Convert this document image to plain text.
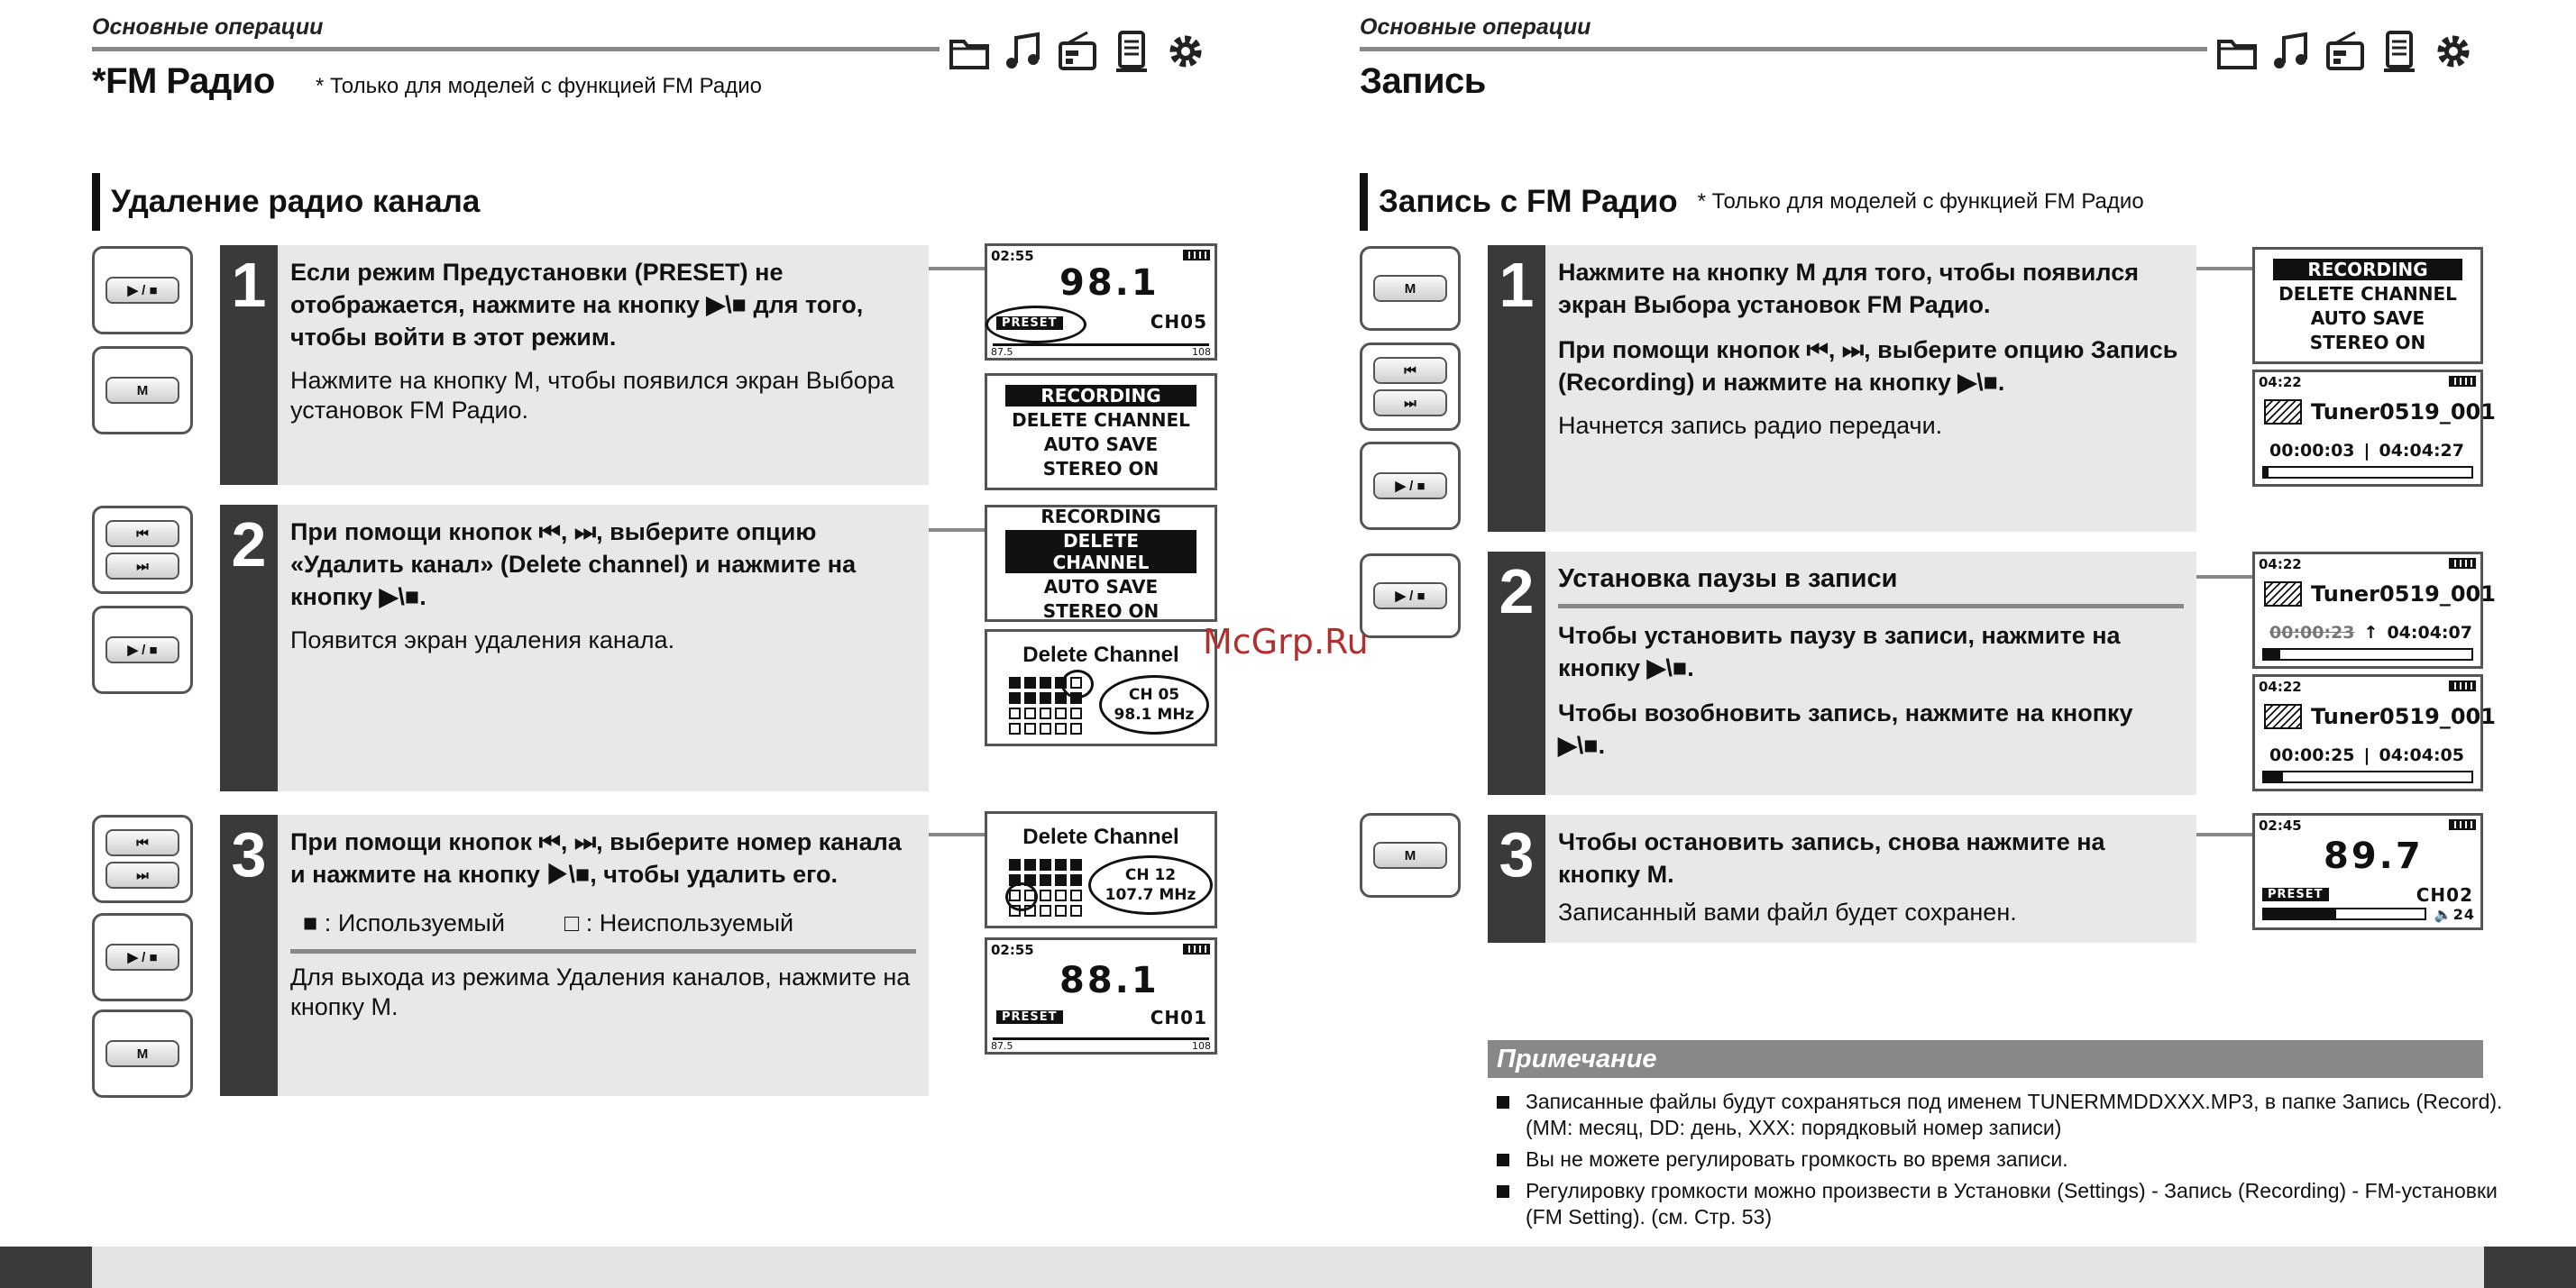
Основные операции
*FM Радио * Только для моделей с функцией FM Радио
Удаление радио канала
▶ / ■
M
⏮
⏭
▶ / ■
⏮
⏭
▶ / ■
M
1 Если режим Предустановки (PRESET) не отображается, нажмите на кнопку ▶\■ для того, чтобы войти в этот режим.
Нажмите на кнопку M, чтобы появился экран Выбора установок FM Радио.
2 При помощи кнопок ⏮, ⏭, выберите опцию «Удалить канал» (Delete channel) и нажмите на кнопку ▶\■.
Появится экран удаления канала.
3 При помощи кнопок ⏮, ⏭, выберите номер канала и нажмите на кнопку ▶\■, чтобы удалить его.
■ : Используемый □ : Неиспользуемый
Для выхода из режима Удаления каналов, нажмите на кнопку M.
02:55
98.1
PRESET	CH05
87.5	108
RECORDING
DELETE CHANNEL
AUTO SAVE
STEREO ON
RECORDING
DELETE CHANNEL
AUTO SAVE
STEREO ON
Delete Channel
CH 05
98.1 MHz
Delete Channel
CH 12
107.7 MHz
02:55
88.1
PRESET	CH01
87.5	108
Основные операции
Запись
Запись с FM Радио * Только для моделей с функцией FM Радио
M
⏮
⏭
▶ / ■
▶ / ■
M
1 Нажмите на кнопку M для того, чтобы появился экран Выбора установок FM Радио.
При помощи кнопок ⏮, ⏭, выберите опцию Запись (Recording) и нажмите на кнопку ▶\■.
Начнется запись радио передачи.
2 Установка паузы в записи
Чтобы установить паузу в записи, нажмите на кнопку ▶\■.
Чтобы возобновить запись, нажмите на кнопку ▶\■.
3 Чтобы остановить запись, снова нажмите на кнопку M.
Записанный вами файл будет сохранен.
RECORDING
DELETE CHANNEL
AUTO SAVE
STEREO ON
04:22
Tuner0519_001
00:00:03 | 04:04:27
04:22
Tuner0519_001
00:00:23 ↑ 04:04:07
04:22
Tuner0519_001
00:00:25 | 04:04:05
02:45
89.7
PRESET	CH02
🔈24
Примечание
Записанные файлы будут сохраняться под именем TUNERMMDDXXX.MP3, в папке Запись (Record). (MM: месяц, DD: день, XXX: порядковый номер записи)
Вы не можете регулировать громкость во время записи.
Регулировку громкости можно произвести в Установки (Settings) - Запись (Recording) - FM-установки (FM Setting). (см. Стр. 53)
McGrp.Ru
